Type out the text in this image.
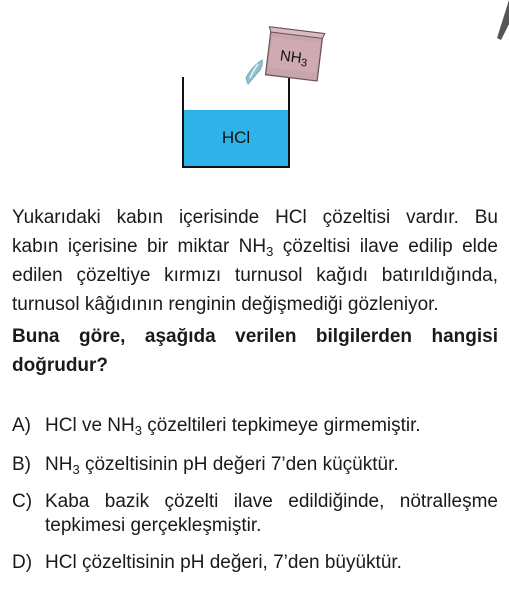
HCl
$NH_3$
Yukarıdaki kabın içerisinde HCl çözeltisi vardır. Bu
kabın içerisine bir miktar $NH_3$ çözeltisi ilave edilip elde
edilen çözeltiye kırmızı turnusol kağıdı batırıldığında,
turnusol kâğıdının renginin değişmediği gözleniyor.
Buna göre, aşağıda verilen bilgilerden hangisi
doğrudur?
A) HCl ve $NH_3$ çözeltileri tepkimeye girmemiştir.
B) $NH_3$ çözeltisinin pH değeri 7’den küçüktür.
C) Kaba bazik çözelti ilave edildiğinde, nötralleşme
tepkimesi gerçekleşmiştir.
D) HCl çözeltisinin pH değeri, 7’den büyüktür.
